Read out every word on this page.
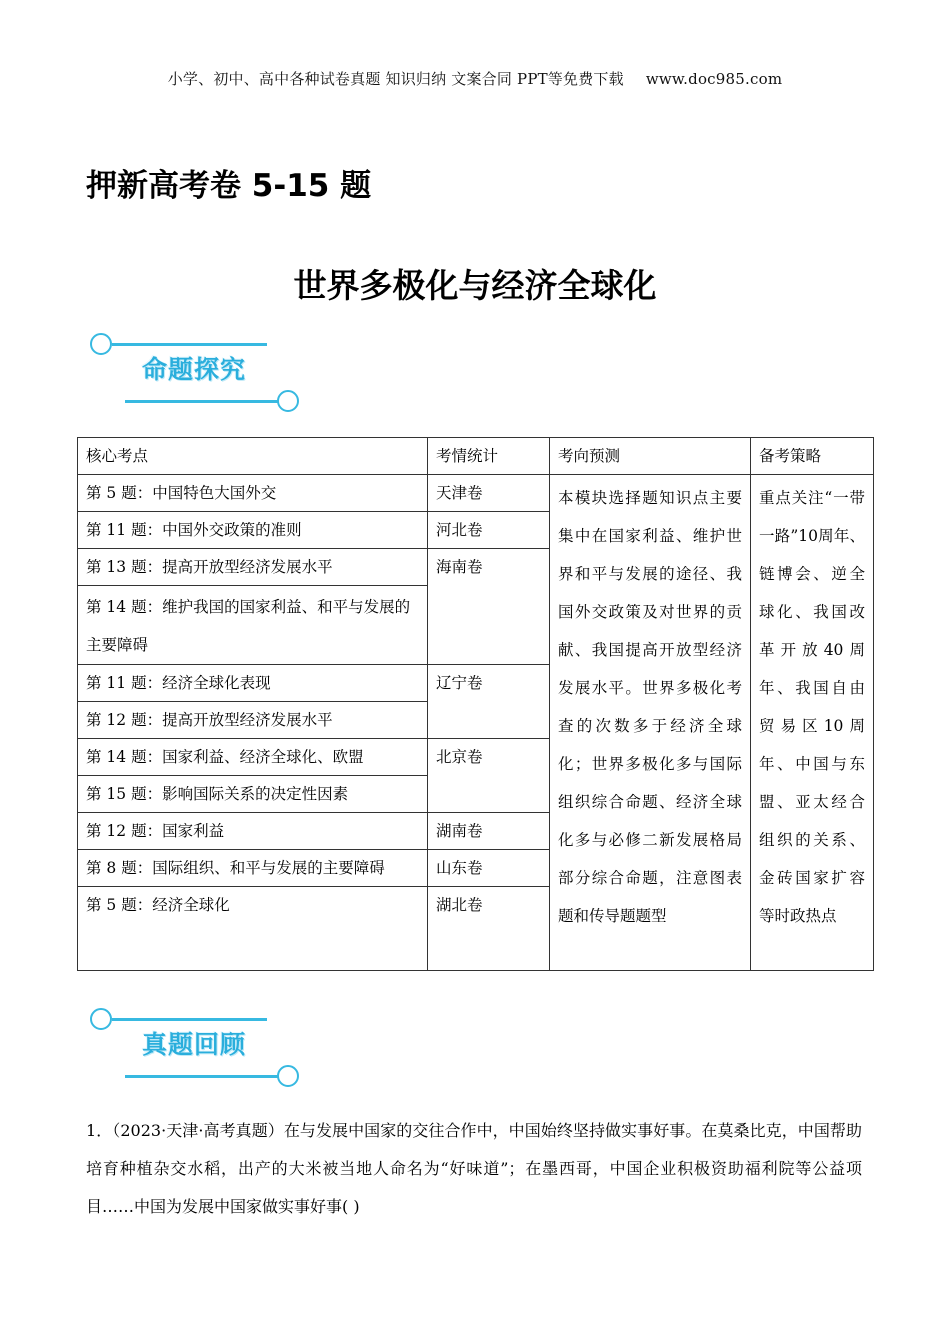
小学、初中、高中各种试卷真题 知识归纳 文案合同 PPT等免费下载 www.doc985.com
押新高考卷 5-15 题
世界多极化与经济全球化
命题探究
核心考点	考情统计	考向预测	备考策略
第 5 题：中国特色大国外交	天津卷	本模块选择题知识点主要集中在国家利益、维护世界和平与发展的途径、我国外交政策及对世界的贡献、我国提高开放型经济发展水平。世界多极化考查的次数多于经济全球化；世界多极化多与国际组织综合命题、经济全球化多与必修二新发展格局部分综合命题，注意图表题和传导题题型	重点关注“一带一路”10周年、链博会、逆全球化、我国改革开放40周年、我国自由贸易区10周年、中国与东盟、亚太经合组织的关系、金砖国家扩容等时政热点
第 11 题：中国外交政策的准则	河北卷		
第 13 题：提高开放型经济发展水平	海南卷		
第 14 题：维护我国的国家利益、和平与发展的主要障碍			
第 11 题：经济全球化表现	辽宁卷		
第 12 题：提高开放型经济发展水平			
第 14 题：国家利益、经济全球化、欧盟	北京卷		
第 15 题：影响国际关系的决定性因素			
第 12 题：国家利益	湖南卷		
第 8 题：国际组织、和平与发展的主要障碍	山东卷		
第 5 题：经济全球化	湖北卷		
真题回顾
1．（2023·天津·高考真题）在与发展中国家的交往合作中，中国始终坚持做实事好事。在莫桑比克，中国帮助培育种植杂交水稻，出产的大米被当地人命名为“好味道”；在墨西哥，中国企业积极资助福利院等公益项目……中国为发展中国家做实事好事( )
